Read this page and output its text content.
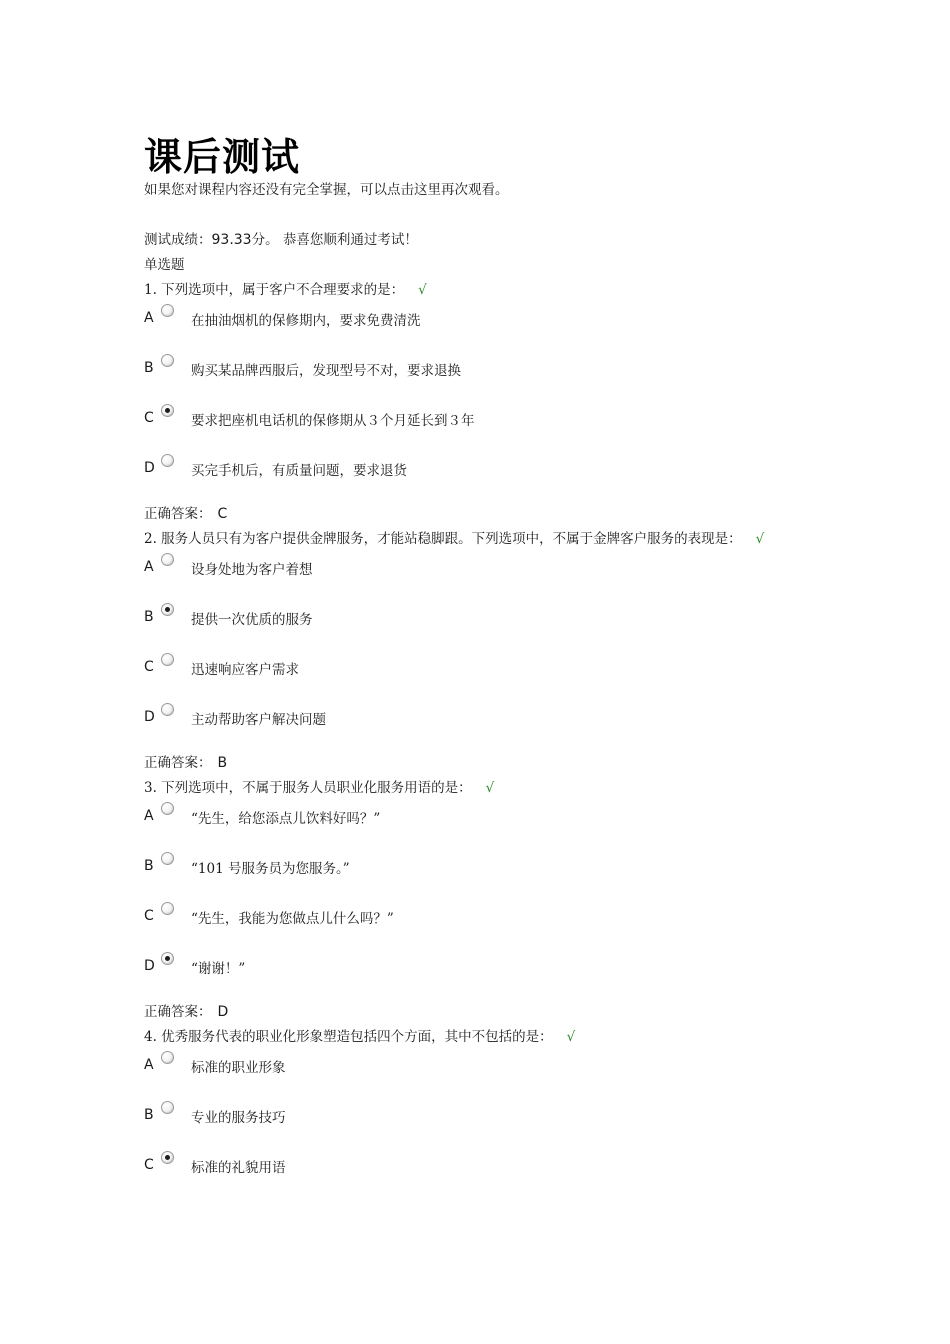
课后测试
如果您对课程内容还没有完全掌握，可以点击这里再次观看。
测试成绩：93.33分。 恭喜您顺利通过考试！
单选题
1. 下列选项中，属于客户不合理要求的是： √
A	在抽油烟机的保修期内，要求免费清洗
B	购买某品牌西服后，发现型号不对，要求退换
C	要求把座机电话机的保修期从３个月延长到３年
D	买完手机后，有质量问题，要求退货
正确答案： C
2. 服务人员只有为客户提供金牌服务，才能站稳脚跟。下列选项中，不属于金牌客户服务的表现是： √
A	设身处地为客户着想
B	提供一次优质的服务
C	迅速响应客户需求
D	主动帮助客户解决问题
正确答案： B
3. 下列选项中，不属于服务人员职业化服务用语的是： √
A	“先生，给您添点儿饮料好吗？”
B	“101 号服务员为您服务。”
C	“先生，我能为您做点儿什么吗？”
D	“谢谢！”
正确答案： D
4. 优秀服务代表的职业化形象塑造包括四个方面，其中不包括的是： √
A	标准的职业形象
B	专业的服务技巧
C	标准的礼貌用语
